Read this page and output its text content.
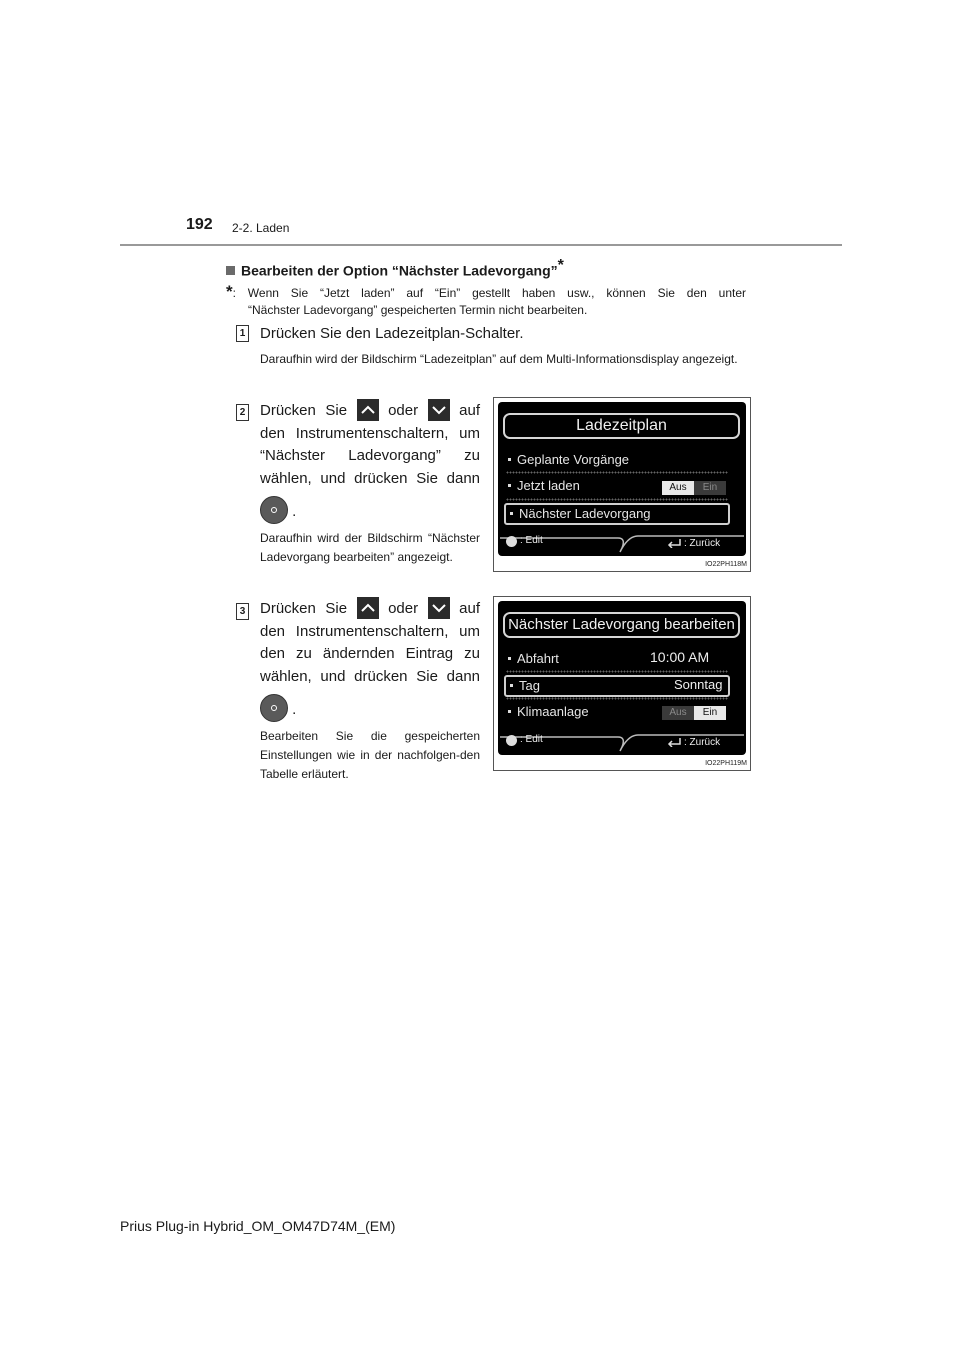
192 2-2. Laden
Bearbeiten der Option “Nächster Ladevorgang”*
*: Wenn Sie “Jetzt laden” auf “Ein” gestellt haben usw., können Sie den unter
“Nächster Ladevorgang” gespeicherten Termin nicht bearbeiten.
1 Drücken Sie den Ladezeitplan-Schalter.
Daraufhin wird der Bildschirm “Ladezeitplan” auf dem Multi-Informationsdisplay angezeigt.
2 Drücken Sie	oder	auf
den Instrumentenschaltern, um
“Nächster Ladevorgang” zu
wählen, und drücken Sie dann
.
Daraufhin wird der Bildschirm “Nächster Ladevorgang bearbeiten” angezeigt.
Ladezeitplan
Geplante Vorgänge
Jetzt laden	Aus	Ein
Nächster Ladevorgang
: Edit	: Zurück
IO22PH118M
3 Drücken Sie	oder	auf
den Instrumentenschaltern, um
den zu ändernden Eintrag zu
wählen, und drücken Sie dann
.
Bearbeiten Sie die gespeicherten Einstellungen wie in der nachfolgen-den Tabelle erläutert.
Nächster Ladevorgang bearbeiten
Abfahrt	10:00 AM
Tag	Sonntag
Klimaanlage	Aus	Ein
: Edit	: Zurück
IO22PH119M
Prius Plug-in Hybrid_OM_OM47D74M_(EM)
